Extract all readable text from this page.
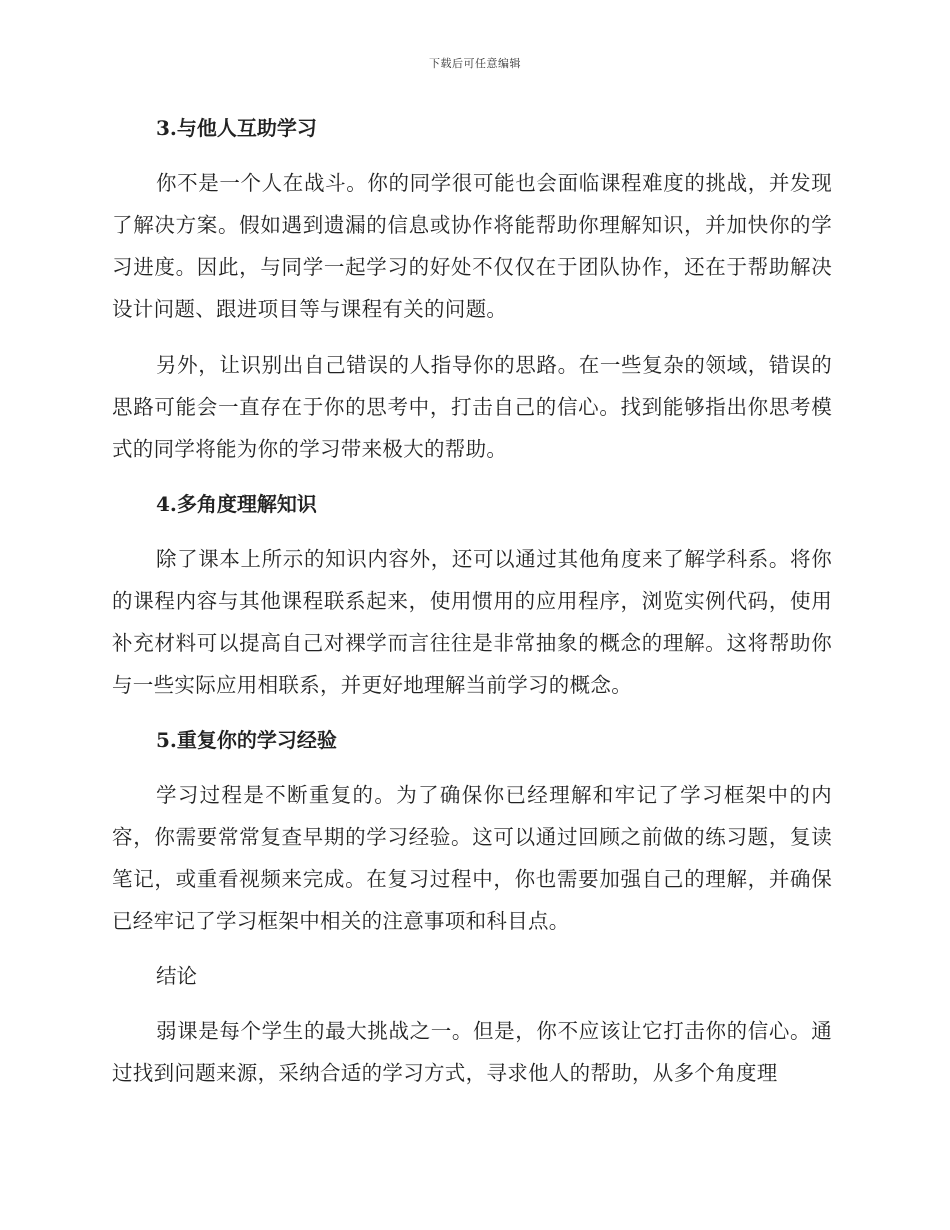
下载后可任意编辑
3.与他人互助学习

你不是一个人在战斗。你的同学很可能也会面临课程难度的挑战，并发现了解决方案。假如遇到遗漏的信息或协作将能帮助你理解知识，并加快你的学习进度。因此，与同学一起学习的好处不仅仅在于团队协作，还在于帮助解决设计问题、跟进项目等与课程有关的问题。

另外，让识别出自己错误的人指导你的思路。在一些复杂的领域，错误的思路可能会一直存在于你的思考中，打击自己的信心。找到能够指出你思考模式的同学将能为你的学习带来极大的帮助。

4.多角度理解知识

除了课本上所示的知识内容外，还可以通过其他角度来了解学科系。将你的课程内容与其他课程联系起来，使用惯用的应用程序，浏览实例代码，使用补充材料可以提高自己对裸学而言往往是非常抽象的概念的理解。这将帮助你与一些实际应用相联系，并更好地理解当前学习的概念。

5.重复你的学习经验

学习过程是不断重复的。为了确保你已经理解和牢记了学习框架中的内容，你需要常常复查早期的学习经验。这可以通过回顾之前做的练习题，复读笔记，或重看视频来完成。在复习过程中，你也需要加强自己的理解，并确保已经牢记了学习框架中相关的注意事项和科目点。

结论

弱课是每个学生的最大挑战之一。但是，你不应该让它打击你的信心。通过找到问题来源，采纳合适的学习方式，寻求他人的帮助，从多个角度理
